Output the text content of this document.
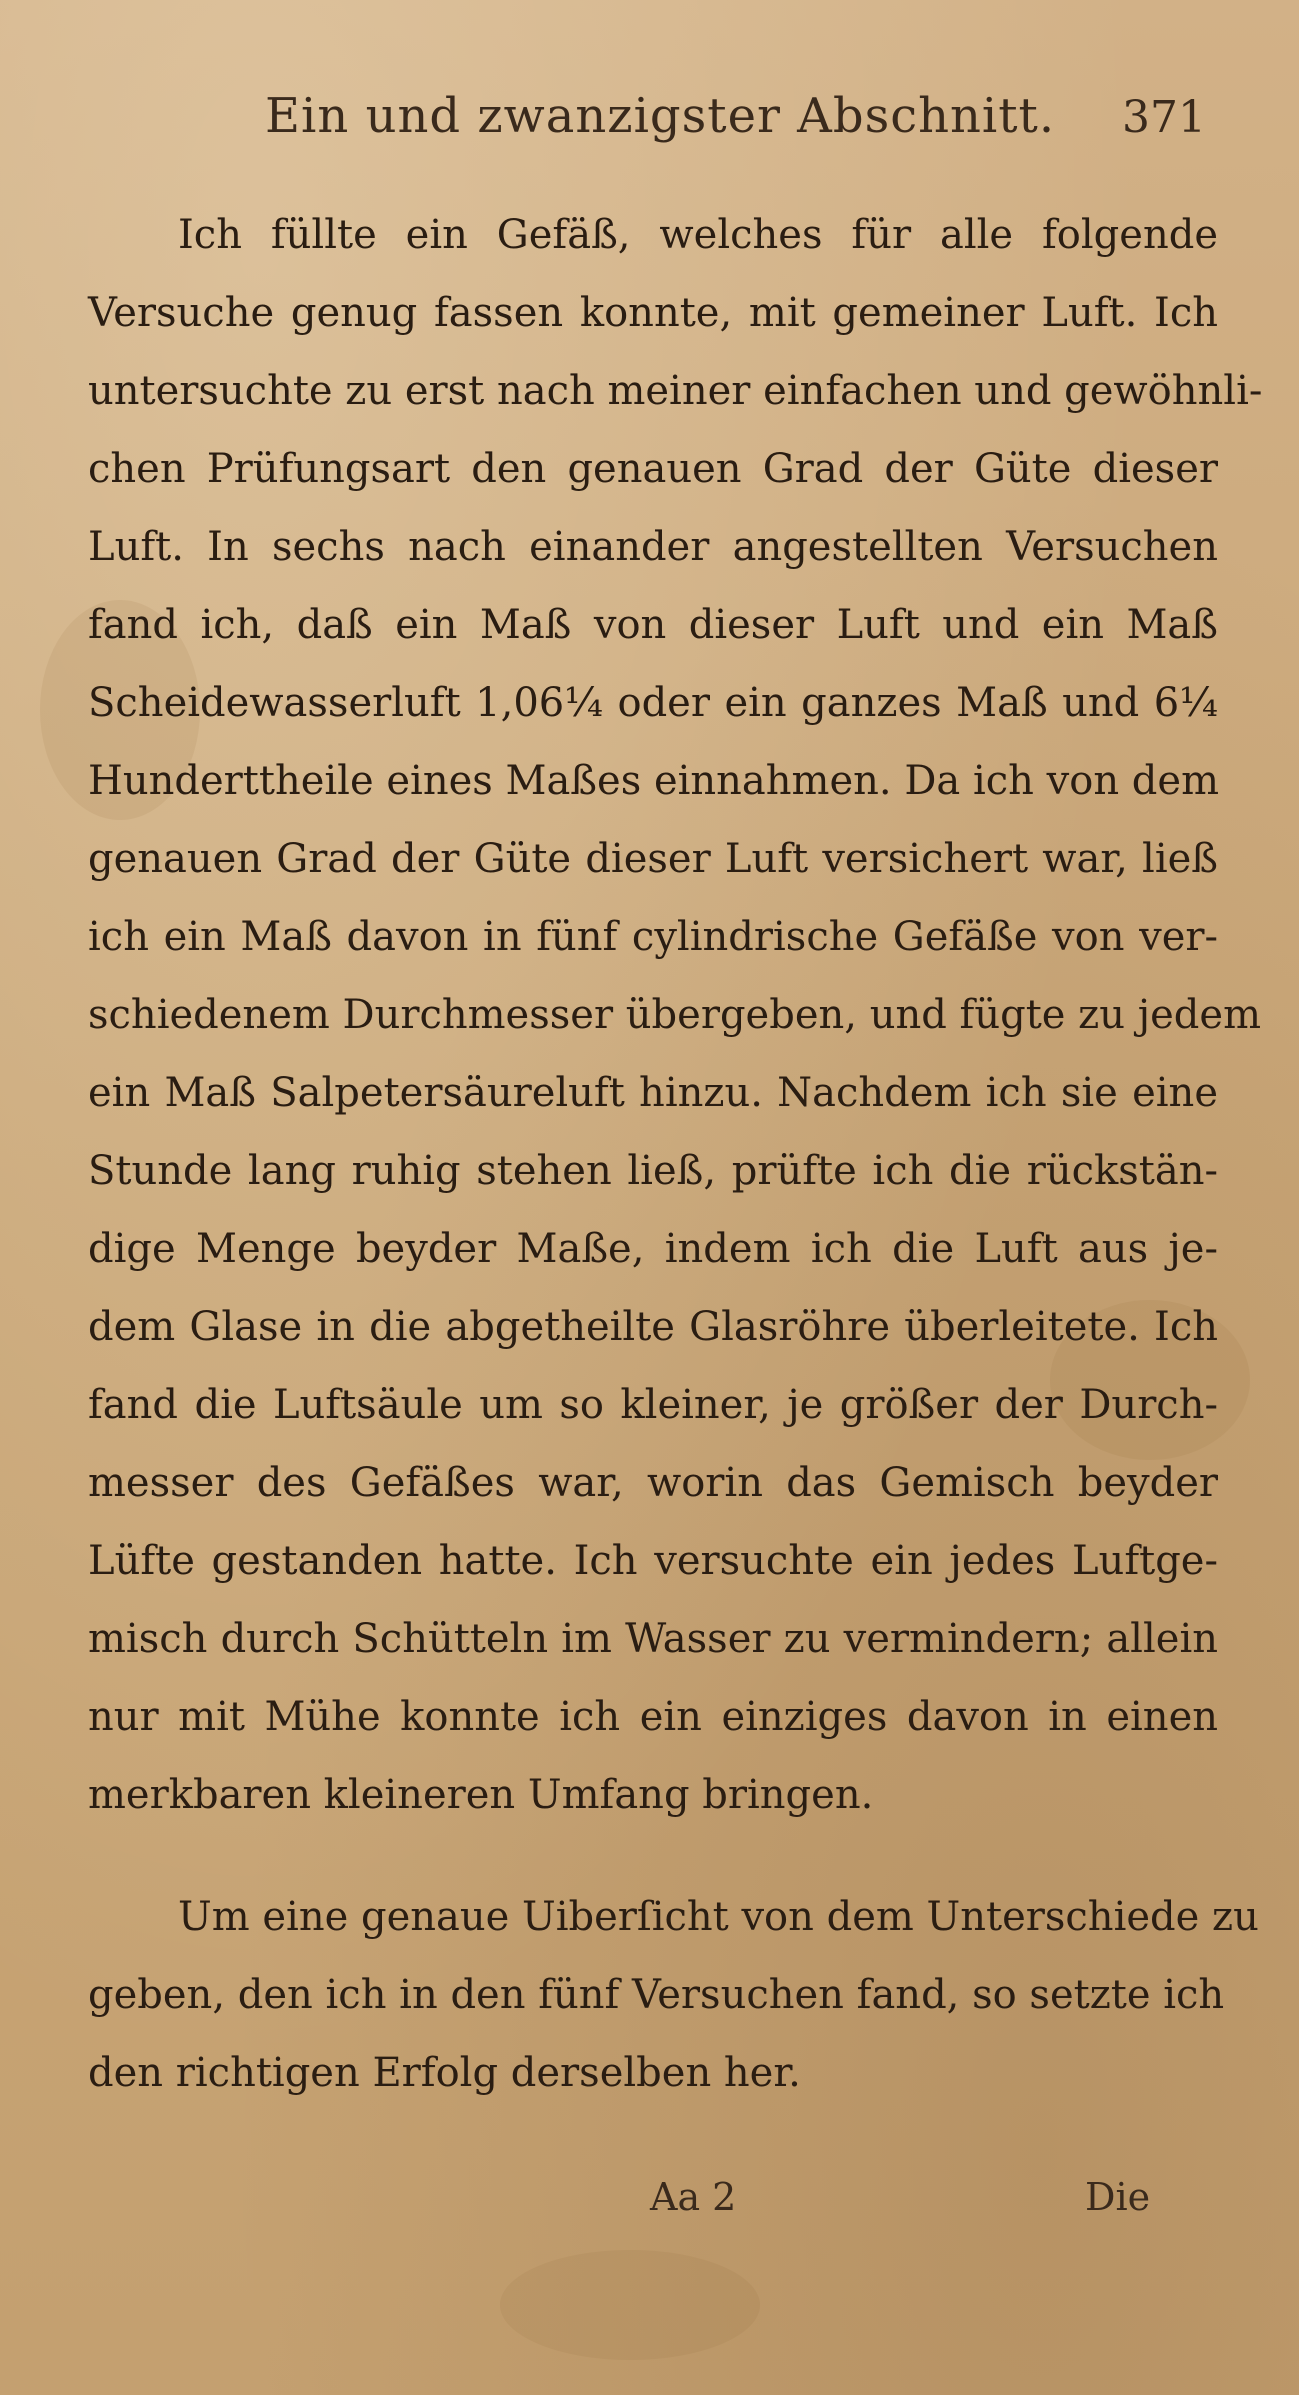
Ein und zwanzigster Abschnitt. 371
Ich füllte ein Gefäß, welches für alle folgende
Versuche genug fassen konnte, mit gemeiner Luft. Ich
untersuchte zu erst nach meiner einfachen und gewöhnli-
chen Prüfungsart den genauen Grad der Güte dieser
Luft. In sechs nach einander angestellten Versuchen
fand ich, daß ein Maß von dieser Luft und ein Maß
Scheidewasserluft 1,06¼ oder ein ganzes Maß und 6¼
Hunderttheile eines Maßes einnahmen. Da ich von dem
genauen Grad der Güte dieser Luft versichert war, ließ
ich ein Maß davon in fünf cylindrische Gefäße von ver-
schiedenem Durchmesser übergeben, und fügte zu jedem
ein Maß Salpetersäureluft hinzu. Nachdem ich sie eine
Stunde lang ruhig stehen ließ, prüfte ich die rückstän-
dige Menge beyder Maße, indem ich die Luft aus je-
dem Glase in die abgetheilte Glasröhre überleitete. Ich
fand die Luftsäule um so kleiner, je größer der Durch-
messer des Gefäßes war, worin das Gemisch beyder
Lüfte gestanden hatte. Ich versuchte ein jedes Luftge-
misch durch Schütteln im Wasser zu vermindern; allein
nur mit Mühe konnte ich ein einziges davon in einen
merkbaren kleineren Umfang bringen.
Um eine genaue Uiberſicht von dem Unterschiede zu
geben, den ich in den fünf Versuchen fand, so setzte ich
den richtigen Erfolg derselben her.
Aa 2	Die
